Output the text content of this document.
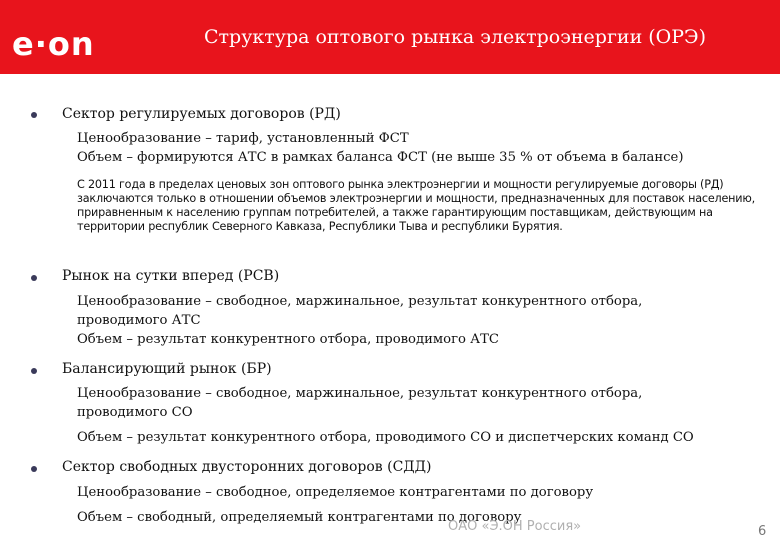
e·on	Структура оптового рынка электроэнергии (ОРЭ)
Сектор регулируемых договоров (РД)
Ценообразование – тариф, установленный ФСТ
Объем – формируются АТС в рамках баланса ФСТ (не выше 35 % от объема в балансе)
С 2011 года в пределах ценовых зон оптового рынка электроэнергии и мощности регулируемые договоры (РД) заключаются только в отношении объемов электроэнергии и мощности, предназначенных для поставок населению, приравненным к населению группам потребителей, а также гарантирующим поставщикам, действующим на территории республик Северного Кавказа, Республики Тыва и республики Бурятия.
Рынок на сутки вперед (РСВ)
Ценообразование – свободное, маржинальное, результат конкурентного отбора,
проводимого АТС
Объем – результат конкурентного отбора, проводимого АТС
Балансирующий рынок (БР)
Ценообразование – свободное, маржинальное, результат конкурентного отбора,
проводимого СО
Объем – результат конкурентного отбора, проводимого СО и диспетчерских команд СО
Сектор свободных двусторонних договоров (СДД)
Ценообразование – свободное, определяемое контрагентами по договору
Объем – свободный, определяемый контрагентами по договору
ОАО «Э.ОН Россия»	6
